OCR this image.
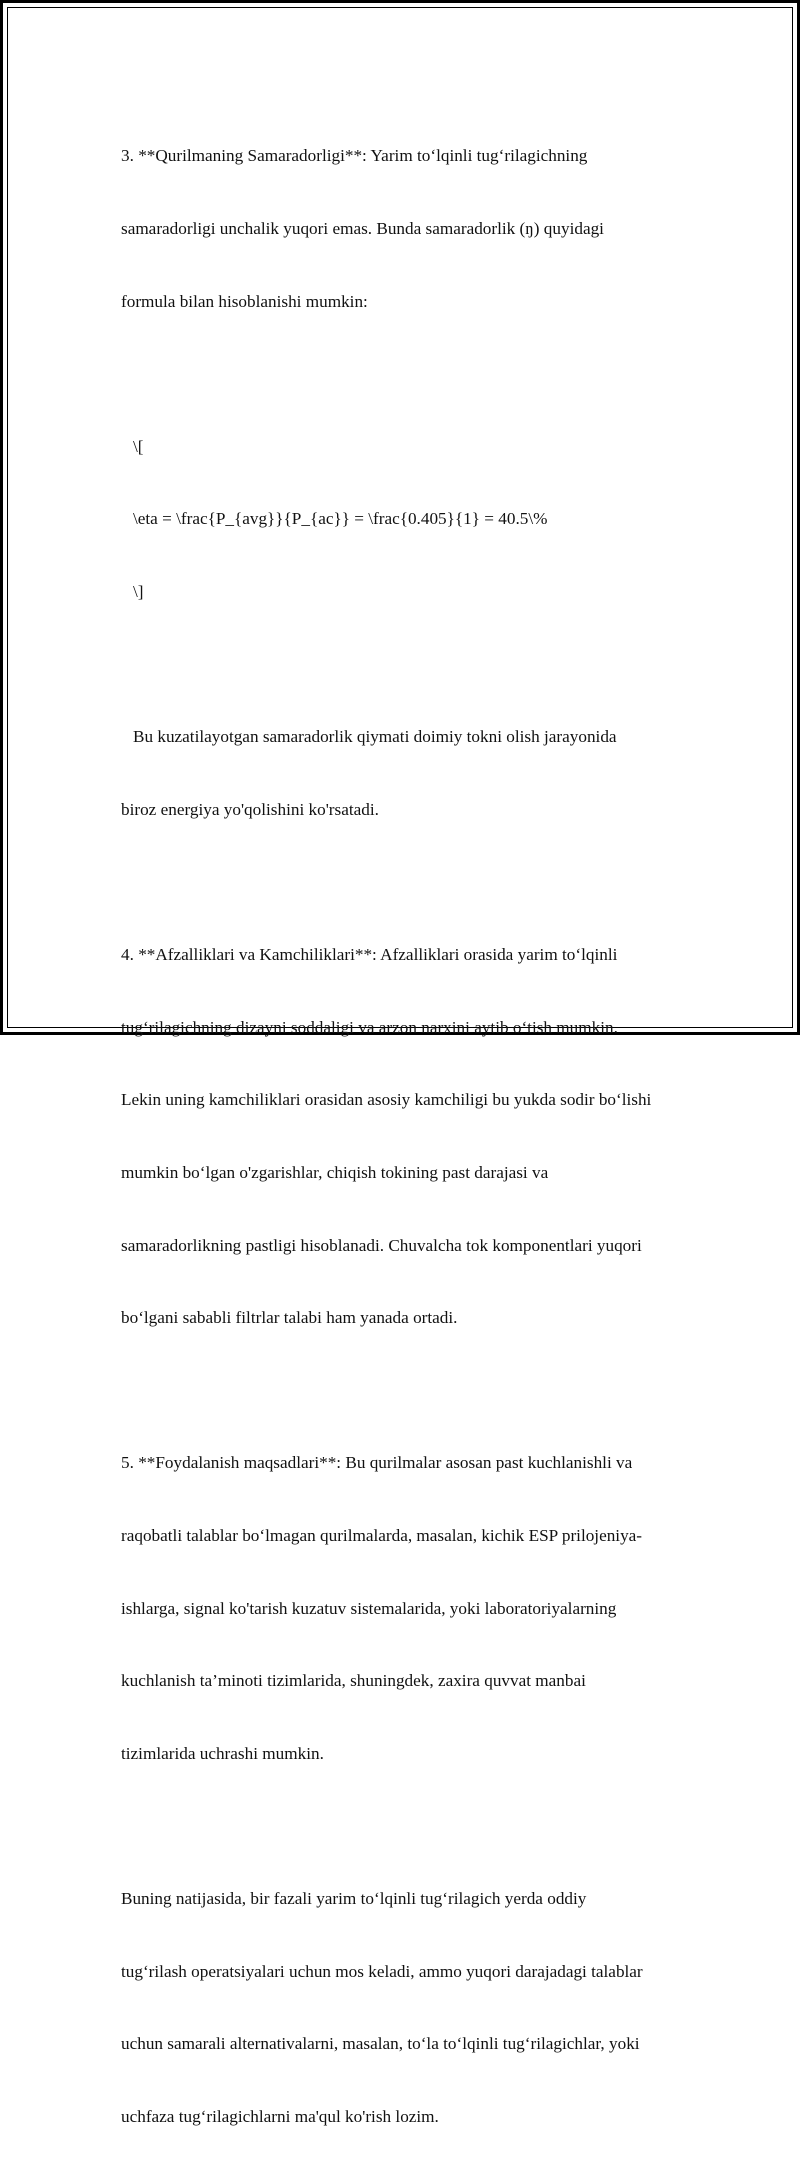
3. **Qurilmaning Samaradorligi**: Yarim to‘lqinli tug‘rilagichning

samaradorligi unchalik yuqori emas. Bunda samaradorlik (ŋ) quyidagi

formula bilan hisoblanishi mumkin:

\[

\eta = \frac{P_{avg}}{P_{ac}} = \frac{0.405}{1} = 40.5\%

\]

Bu kuzatilayotgan samaradorlik qiymati doimiy tokni olish jarayonida

biroz energiya yo'qolishini ko'rsatadi.

4. **Afzalliklari va Kamchiliklari**: Afzalliklari orasida yarim to‘lqinli

tug‘rilagichning dizayni soddaligi va arzon narxini aytib o‘tish mumkin.

Lekin uning kamchiliklari orasidan asosiy kamchiligi bu yukda sodir bo‘lishi

mumkin bo‘lgan o'zgarishlar, chiqish tokining past darajasi va

samaradorlikning pastligi hisoblanadi. Chuvalcha tok komponentlari yuqori

bo‘lgani sababli filtrlar talabi ham yanada ortadi.

5. **Foydalanish maqsadlari**: Bu qurilmalar asosan past kuchlanishli va

raqobatli talablar bo‘lmagan qurilmalarda, masalan, kichik ESP prilojeniya-

ishlarga, signal ko'tarish kuzatuv sistemalarida, yoki laboratoriyalarning

kuchlanish ta’minoti tizimlarida, shuningdek, zaxira quvvat manbai

tizimlarida uchrashi mumkin.

Buning natijasida, bir fazali yarim to‘lqinli tug‘rilagich yerda oddiy

tug‘rilash operatsiyalari uchun mos keladi, ammo yuqori darajadagi talablar

uchun samarali alternativalarni, masalan, to‘la to‘lqinli tug‘rilagichlar, yoki

uchfaza tug‘rilagichlarni ma'qul ko'rish lozim.
